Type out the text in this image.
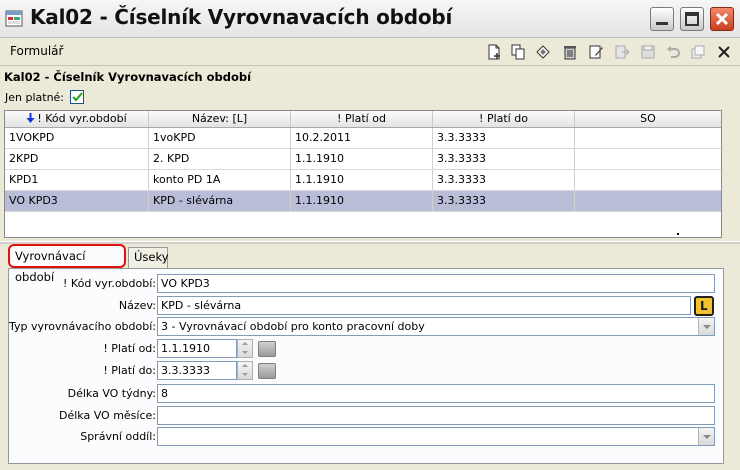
Kal02 - Číselník Vyrovnavacích období
Formulář
Kal02 - Číselník Vyrovnavacích období
Jen platné:
! Kód vyr.období	Název: [L]	! Platí od	! Platí do	SO
1VOKPD	1voKPD	10.2.2011	3.3.3333
2KPD	2. KPD	1.1.1910	3.3.3333
KPD1	konto PD 1A	1.1.1910	3.3.3333
VO KPD3	KPD - slévárna	1.1.1910	3.3.3333
Vyrovnávací období
Úseky
! Kód vyr.období: VO KPD3
Název: KPD - slévárna	L
Typ vyrovnávacího období: 3 - Vyrovnávací období pro konto pracovní doby
! Platí od: 1.1.1910
! Platí do: 3.3.3333
Délka VO týdny: 8
Délka VO měsíce:
Správní oddíl:
